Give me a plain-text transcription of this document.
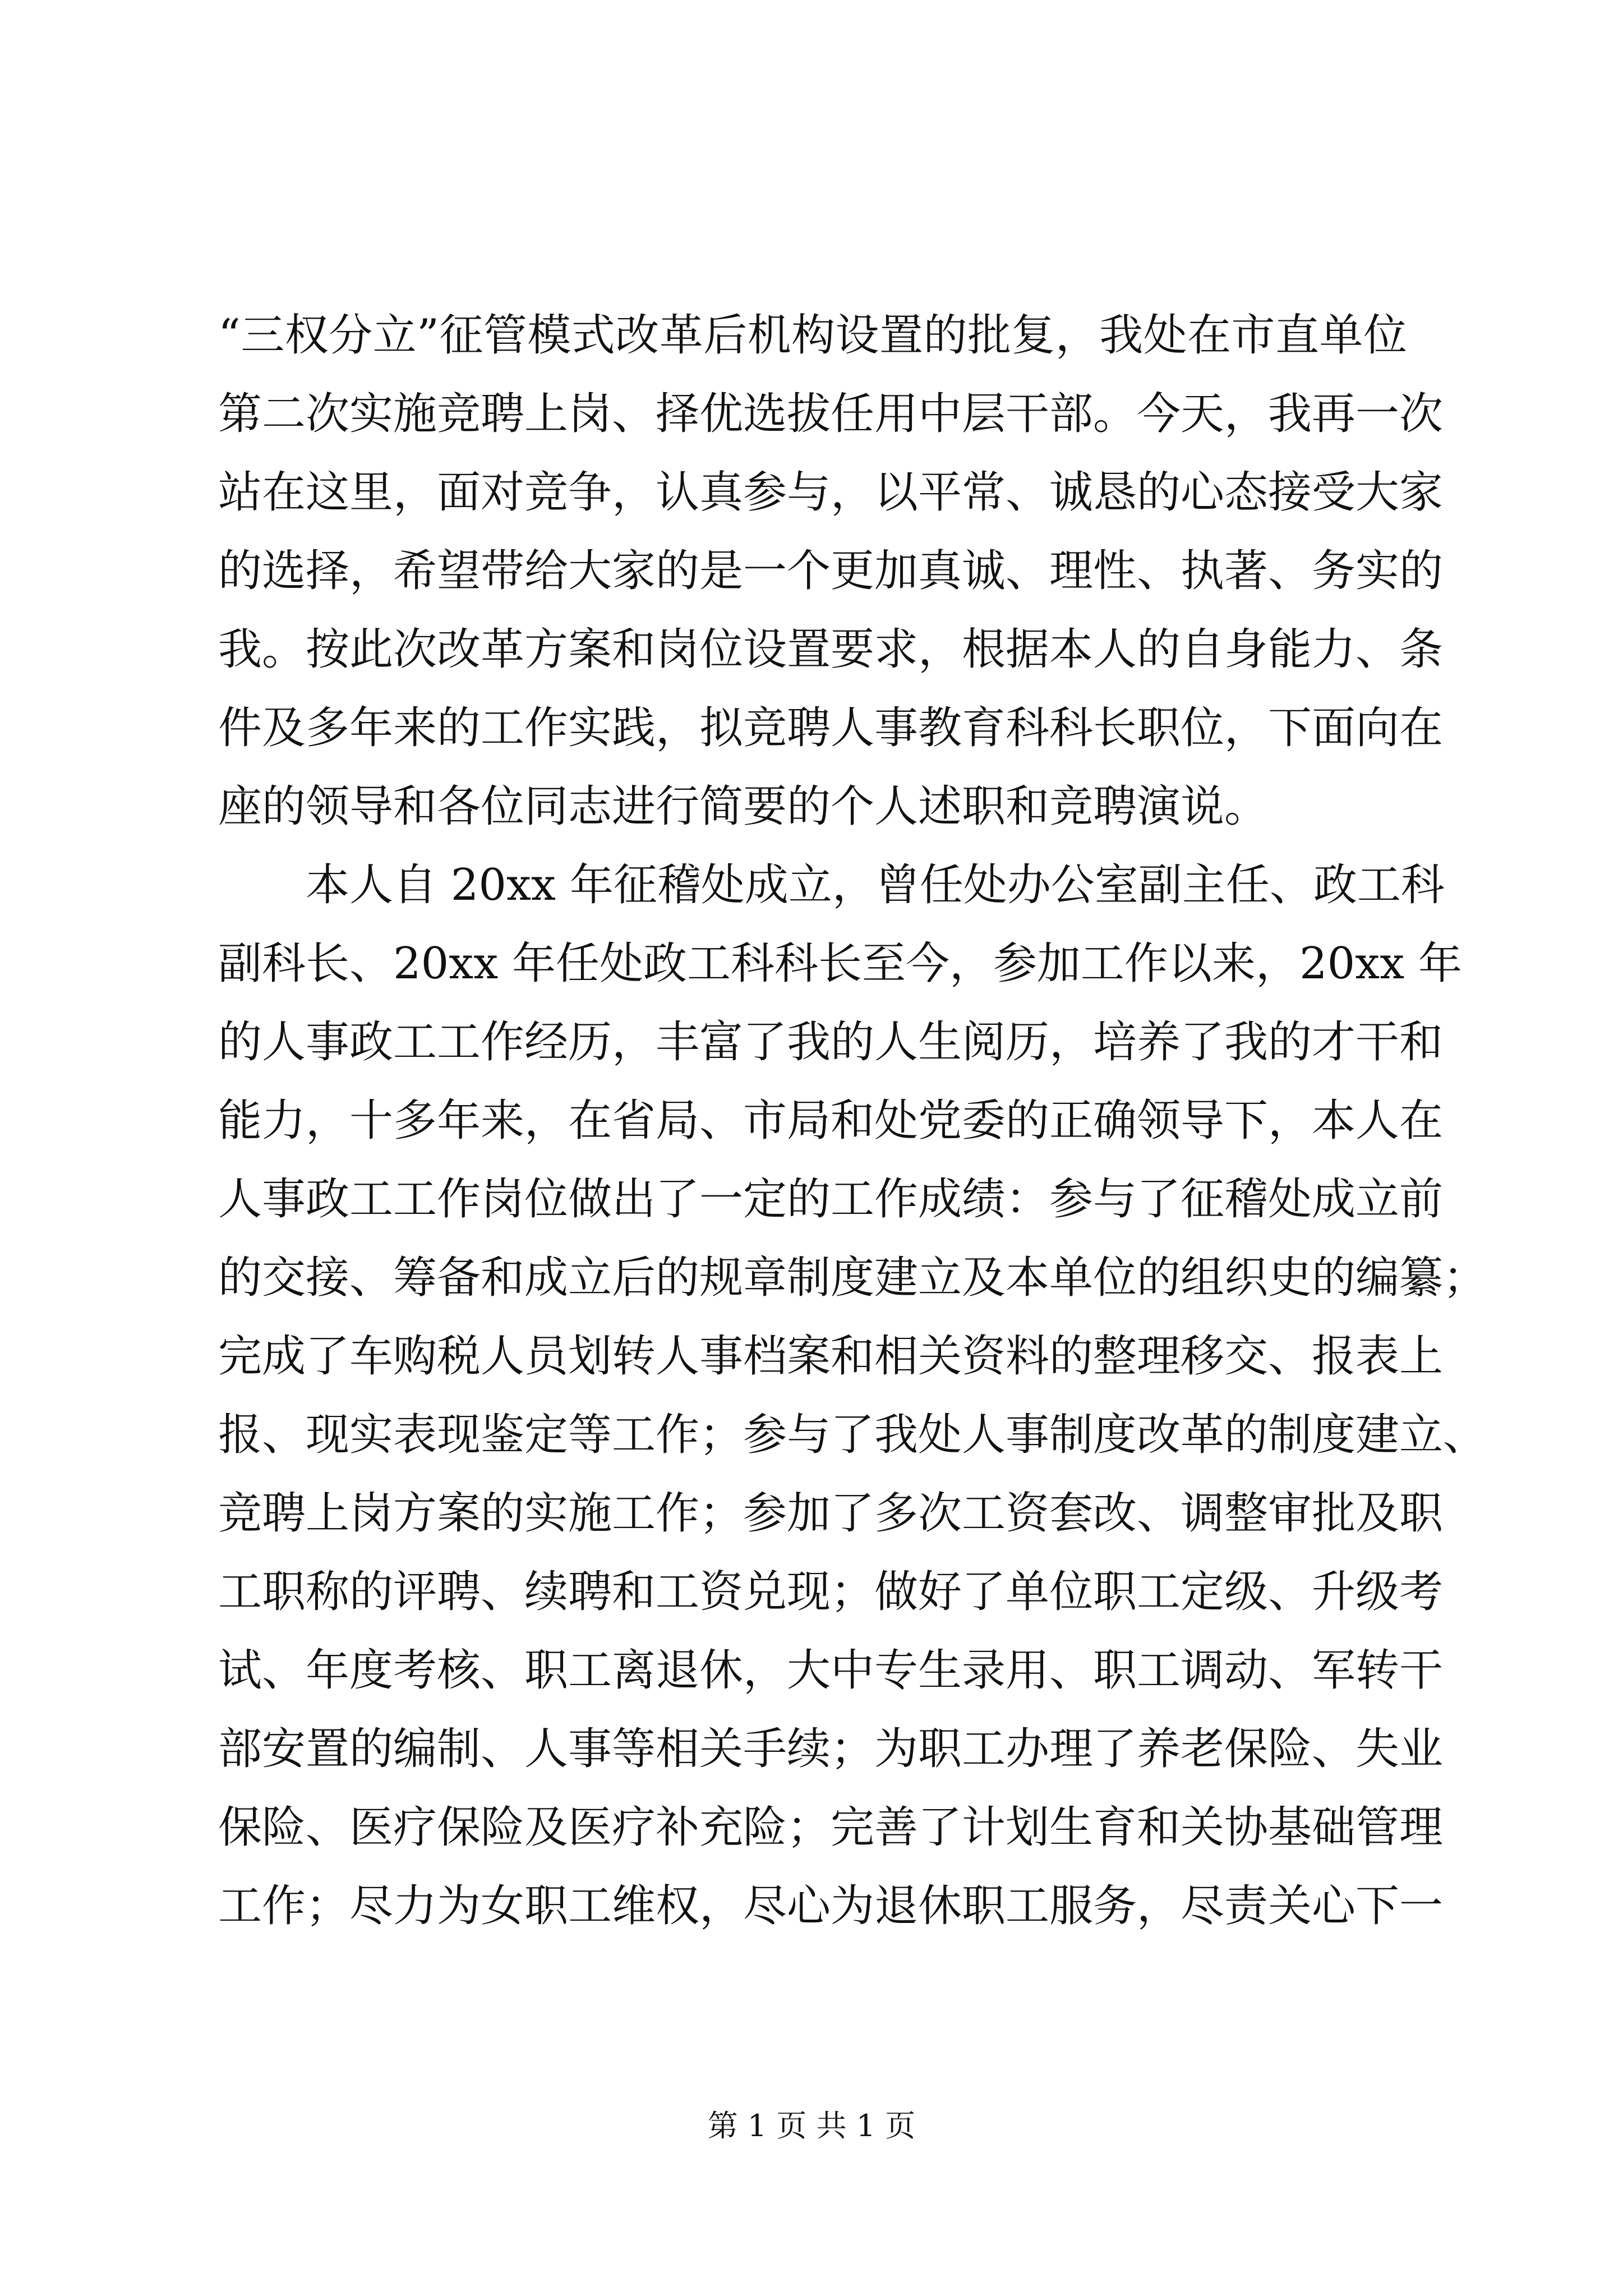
“三权分立”征管模式改革后机构设置的批复，我处在市直单位
第二次实施竞聘上岗、择优选拔任用中层干部。今天，我再一次
站在这里，面对竞争，认真参与，以平常、诚恳的心态接受大家
的选择，希望带给大家的是一个更加真诚、理性、执著、务实的
我。按此次改革方案和岗位设置要求，根据本人的自身能力、条
件及多年来的工作实践，拟竞聘人事教育科科长职位，下面向在
座的领导和各位同志进行简要的个人述职和竞聘演说。
本人自 20xx 年征稽处成立，曾任处办公室副主任、政工科
副科长、20xx 年任处政工科科长至今，参加工作以来，20xx 年
的人事政工工作经历，丰富了我的人生阅历，培养了我的才干和
能力，十多年来，在省局、市局和处党委的正确领导下，本人在
人事政工工作岗位做出了一定的工作成绩：参与了征稽处成立前
的交接、筹备和成立后的规章制度建立及本单位的组织史的编纂；
完成了车购税人员划转人事档案和相关资料的整理移交、报表上
报、现实表现鉴定等工作；参与了我处人事制度改革的制度建立、
竞聘上岗方案的实施工作；参加了多次工资套改、调整审批及职
工职称的评聘、续聘和工资兑现；做好了单位职工定级、升级考
试、年度考核、职工离退休，大中专生录用、职工调动、军转干
部安置的编制、人事等相关手续；为职工办理了养老保险、失业
保险、医疗保险及医疗补充险；完善了计划生育和关协基础管理
工作；尽力为女职工维权，尽心为退休职工服务，尽责关心下一
第 1 页 共 1 页
